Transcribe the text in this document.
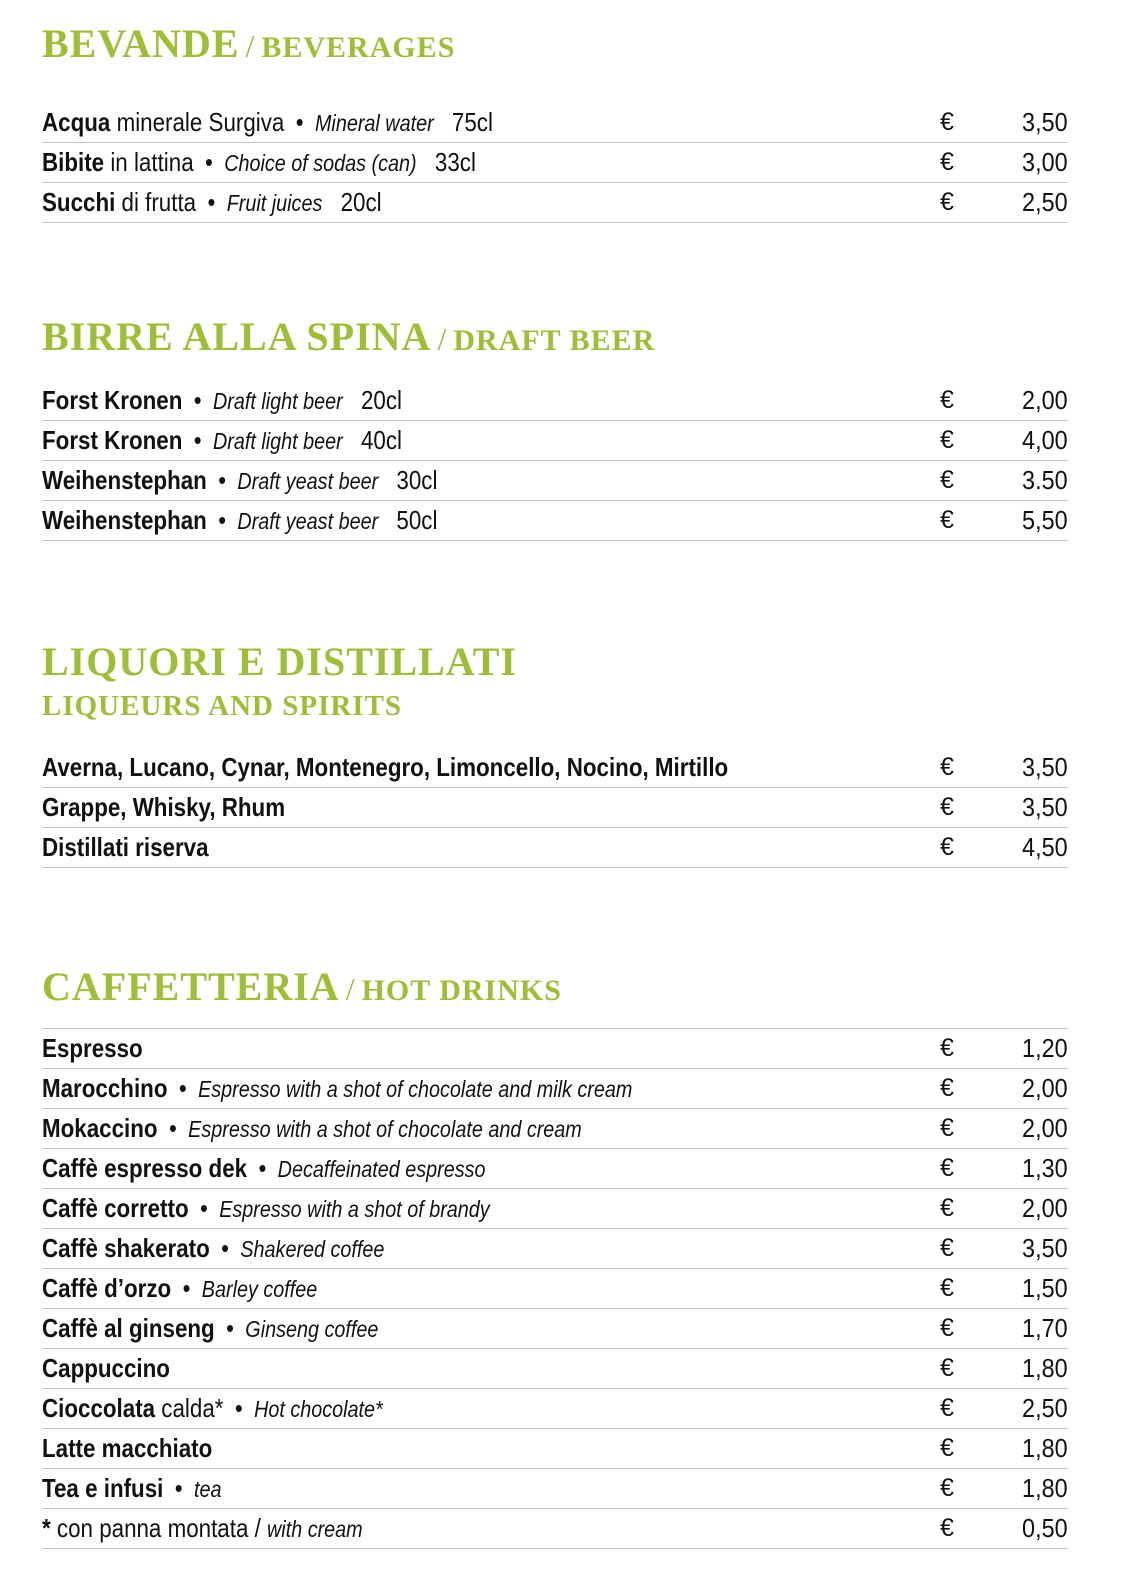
BEVANDE / BEVERAGES
Acqua minerale Surgiva • Mineral water 75cl	€	3,50
Bibite in lattina • Choice of sodas (can) 33cl	€	3,00
Succhi di frutta • Fruit juices 20cl	€	2,50
BIRRE ALLA SPINA / DRAFT BEER
Forst Kronen • Draft light beer 20cl	€	2,00
Forst Kronen • Draft light beer 40cl	€	4,00
Weihenstephan • Draft yeast beer 30cl	€	3.50
Weihenstephan • Draft yeast beer 50cl	€	5,50
LIQUORI E DISTILLATI
LIQUEURS AND SPIRITS
Averna, Lucano, Cynar, Montenegro, Limoncello, Nocino, Mirtillo	€	3,50
Grappe, Whisky, Rhum	€	3,50
Distillati riserva	€	4,50
CAFFETTERIA / HOT DRINKS
Espresso	€	1,20
Marocchino • Espresso with a shot of chocolate and milk cream	€	2,00
Mokaccino • Espresso with a shot of chocolate and cream	€	2,00
Caffè espresso dek • Decaffeinated espresso	€	1,30
Caffè corretto • Espresso with a shot of brandy	€	2,00
Caffè shakerato • Shakered coffee	€	3,50
Caffè d’orzo • Barley coffee	€	1,50
Caffè al ginseng • Ginseng coffee	€	1,70
Cappuccino	€	1,80
Cioccolata calda* • Hot chocolate*	€	2,50
Latte macchiato	€	1,80
Tea e infusi • tea	€	1,80
* con panna montata / with cream	€	0,50
